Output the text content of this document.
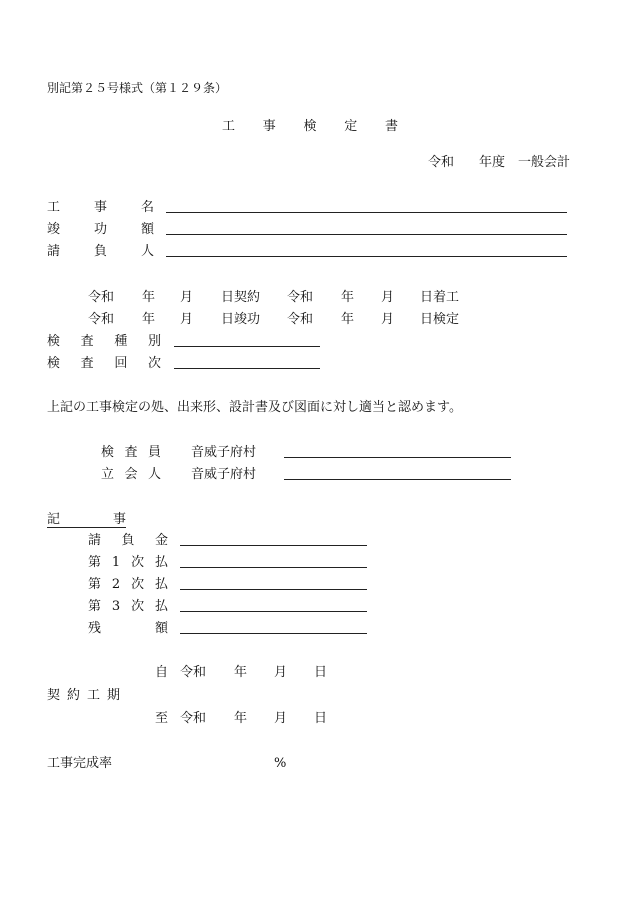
別記第２５号様式（第１２９条）
工 事 検 定 書
令和 年度 一般会計
工	事	名
竣	功	額
請	負	人
令和 年 月 日契約 令和 年 月 日着工
令和 年 月 日竣功 令和 年 月 日検定
検 査 種 別
検 査 回 次
上記の工事検定の処、出来形、設計書及び図面に対し適当と認めます。
検 査 員 音威子府村
立 会 人 音威子府村
記	事
請 負 金
第 1 次 払
第 2 次 払
第 3 次 払
残	額
自 令和 年 月 日
契 約 工 期
至 令和 年 月 日
工事完成率	%
